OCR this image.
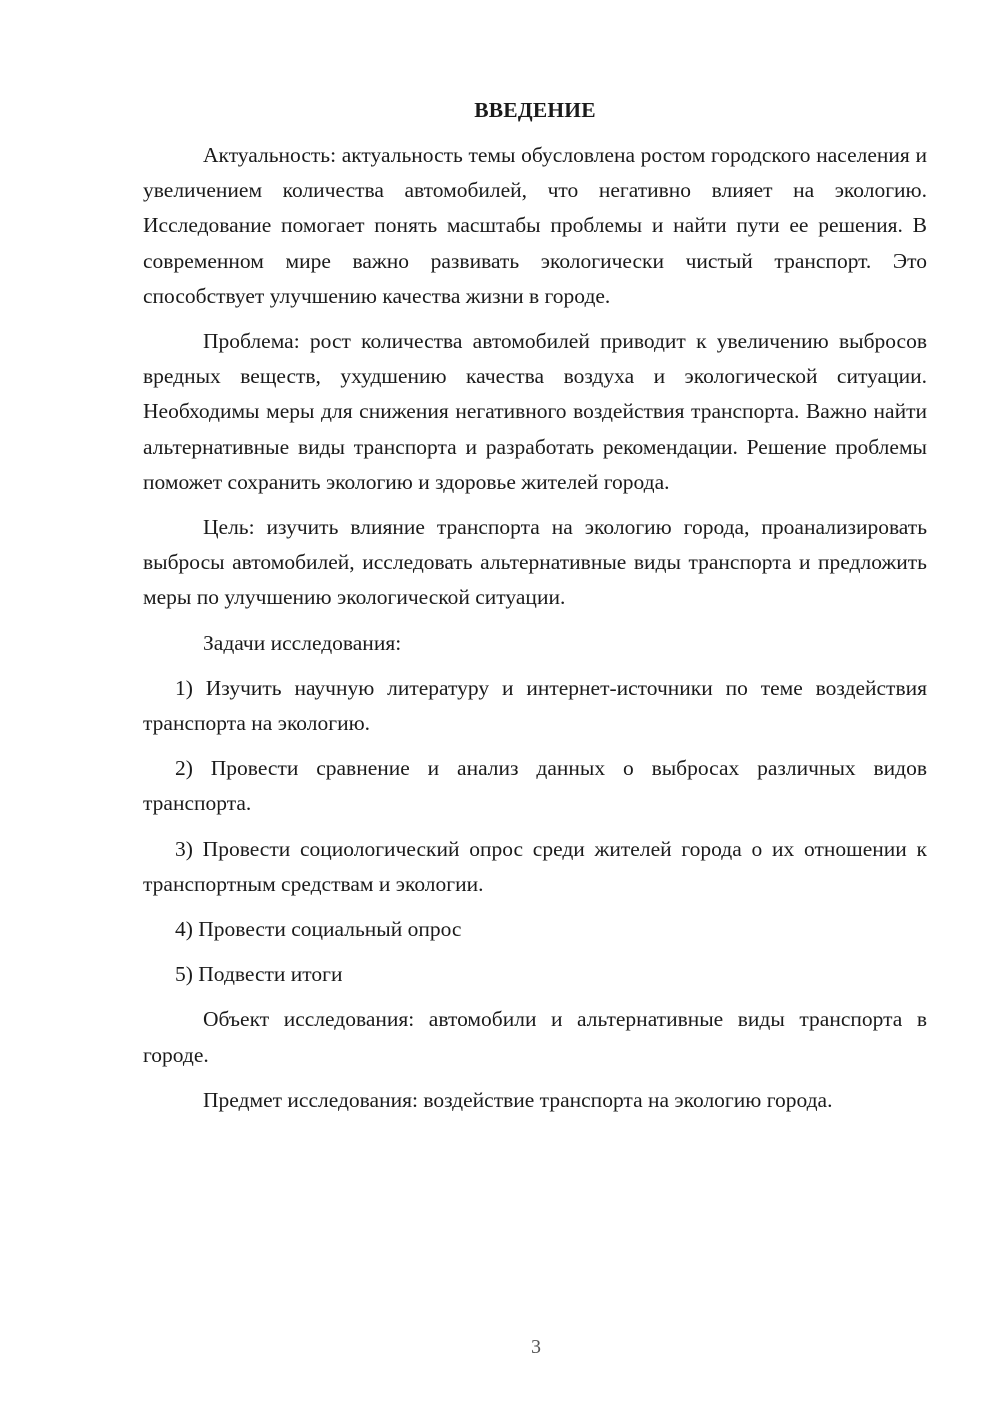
ВВЕДЕНИЕ

Актуальность: актуальность темы обусловлена ростом городского населения и увеличением количества автомобилей, что негативно влияет на экологию. Исследование помогает понять масштабы проблемы и найти пути ее решения. В современном мире важно развивать экологически чистый транспорт. Это способствует улучшению качества жизни в городе.

Проблема: рост количества автомобилей приводит к увеличению выбросов вредных веществ, ухудшению качества воздуха и экологической ситуации. Необходимы меры для снижения негативного воздействия транспорта. Важно найти альтернативные виды транспорта и разработать рекомендации. Решение проблемы поможет сохранить экологию и здоровье жителей города.

Цель: изучить влияние транспорта на экологию города, проанализировать выбросы автомобилей, исследовать альтернативные виды транспорта и предложить меры по улучшению экологической ситуации.

Задачи исследования:

1) Изучить научную литературу и интернет-источники по теме воздействия транспорта на экологию.

2) Провести сравнение и анализ данных о выбросах различных видов транспорта.

3) Провести социологический опрос среди жителей города о их отношении к транспортным средствам и экологии.

4) Провести социальный опрос

5) Подвести итоги

Объект исследования: автомобили и альтернативные виды транспорта в городе.

Предмет исследования: воздействие транспорта на экологию города.

3
